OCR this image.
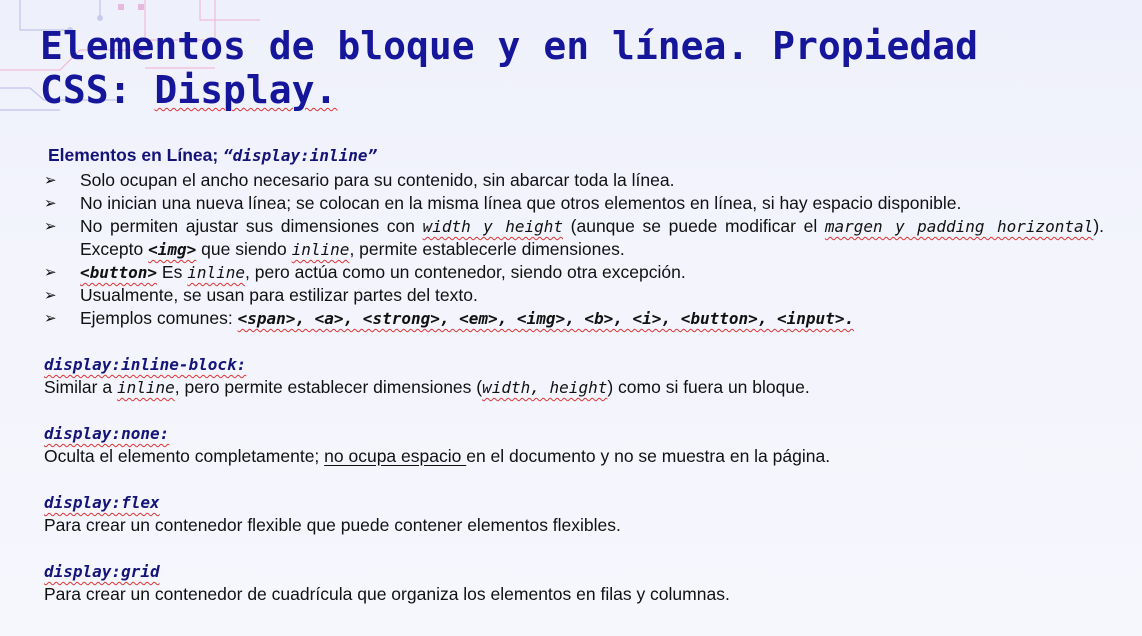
Elementos de bloque y en línea. Propiedad
CSS: Display.
Elementos en Línea; “display:inline”
➢ Solo ocupan el ancho necesario para su contenido, sin abarcar toda la línea.
➢ No inician una nueva línea; se colocan en la misma línea que otros elementos en línea, si hay espacio disponible.
➢ No permiten ajustar sus dimensiones con width y height (aunque se puede modificar el margen y padding horizontal). Excepto <img> que siendo inline, permite establecerle dimensiones.
➢ <button> Es inline, pero actúa como un contenedor, siendo otra excepción.
➢ Usualmente, se usan para estilizar partes del texto.
➢ Ejemplos comunes: <span>, <a>, <strong>, <em>, <img>, <b>, <i>, <button>, <input>.
display:inline-block:
Similar a inline, pero permite establecer dimensiones (width, height) como si fuera un bloque.
display:none:
Oculta el elemento completamente; no ocupa espacio en el documento y no se muestra en la página.
display:flex
Para crear un contenedor flexible que puede contener elementos flexibles.
display:grid
Para crear un contenedor de cuadrícula que organiza los elementos en filas y columnas.
